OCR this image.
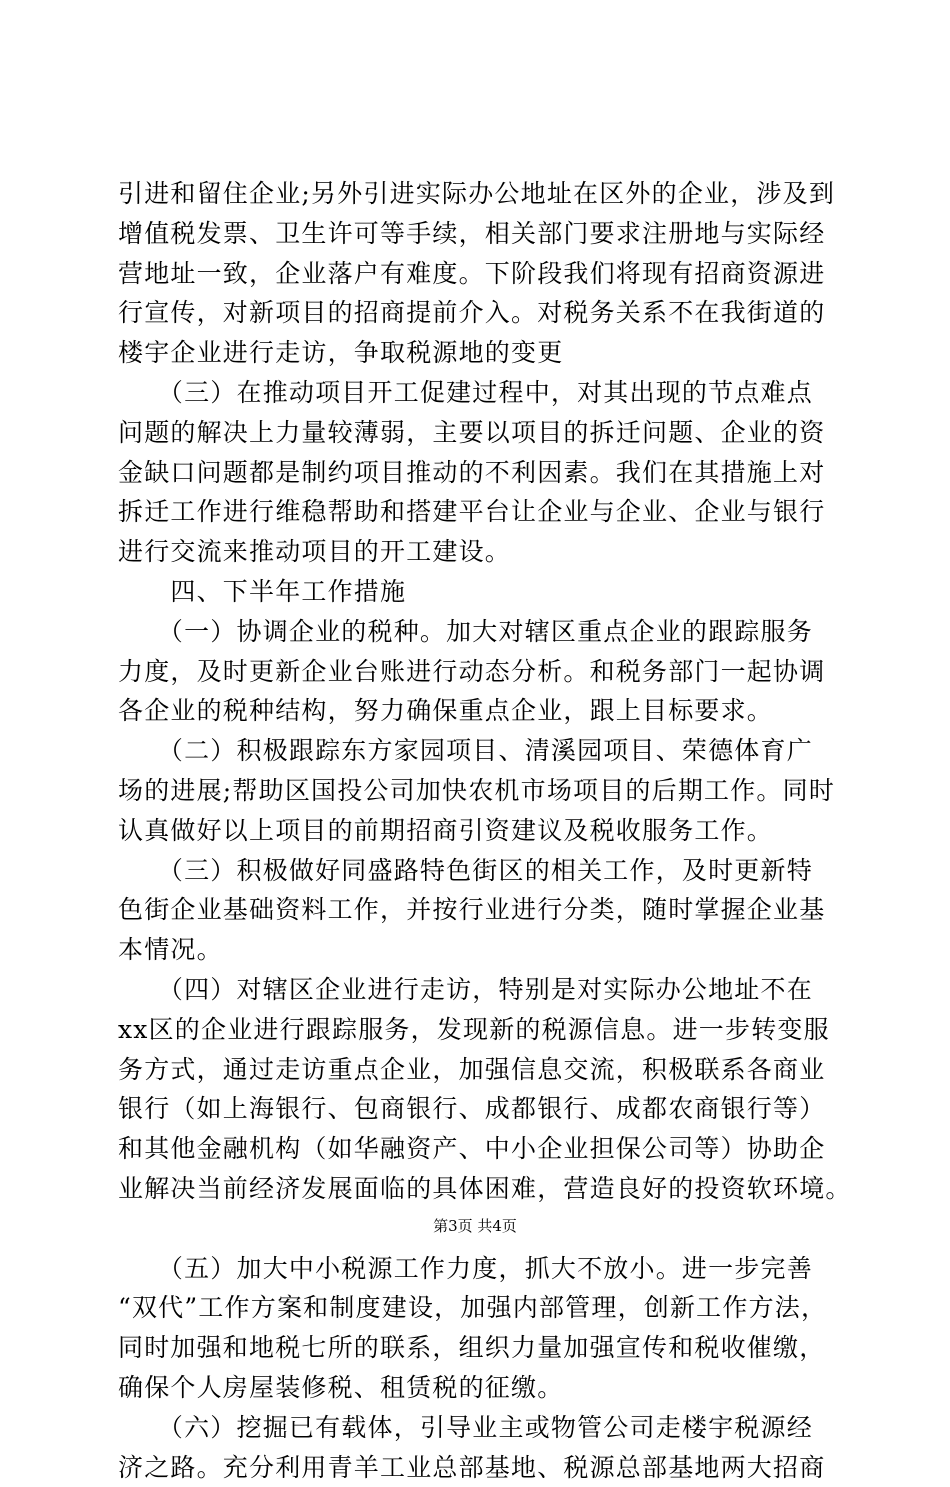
引进和留住企业;另外引进实际办公地址在区外的企业，涉及到
增值税发票、卫生许可等手续，相关部门要求注册地与实际经
营地址一致，企业落户有难度。下阶段我们将现有招商资源进
行宣传，对新项目的招商提前介入。对税务关系不在我街道的
楼宇企业进行走访，争取税源地的变更
　　（三）在推动项目开工促建过程中，对其出现的节点难点
问题的解决上力量较薄弱，主要以项目的拆迁问题、企业的资
金缺口问题都是制约项目推动的不利因素。我们在其措施上对
拆迁工作进行维稳帮助和搭建平台让企业与企业、企业与银行
进行交流来推动项目的开工建设。
　　四、下半年工作措施
　　（一）协调企业的税种。加大对辖区重点企业的跟踪服务
力度，及时更新企业台账进行动态分析。和税务部门一起协调
各企业的税种结构，努力确保重点企业，跟上目标要求。
　　（二）积极跟踪东方家园项目、清溪园项目、荣德体育广
场的进展;帮助区国投公司加快农机市场项目的后期工作。同时
认真做好以上项目的前期招商引资建议及税收服务工作。
　　（三）积极做好同盛路特色街区的相关工作，及时更新特
色街企业基础资料工作，并按行业进行分类，随时掌握企业基
本情况。
　　（四）对辖区企业进行走访，特别是对实际办公地址不在
xx区的企业进行跟踪服务，发现新的税源信息。进一步转变服
务方式，通过走访重点企业，加强信息交流，积极联系各商业
银行（如上海银行、包商银行、成都银行、成都农商银行等）
和其他金融机构（如华融资产、中小企业担保公司等）协助企
业解决当前经济发展面临的具体困难，营造良好的投资软环境。
　　（五）加大中小税源工作力度，抓大不放小。进一步完善
“双代”工作方案和制度建设，加强内部管理，创新工作方法，
同时加强和地税七所的联系，组织力量加强宣传和税收催缴，
确保个人房屋装修税、租赁税的征缴。
　　（六）挖掘已有载体，引导业主或物管公司走楼宇税源经
济之路。充分利用青羊工业总部基地、税源总部基地两大招商
第3页 共4页
